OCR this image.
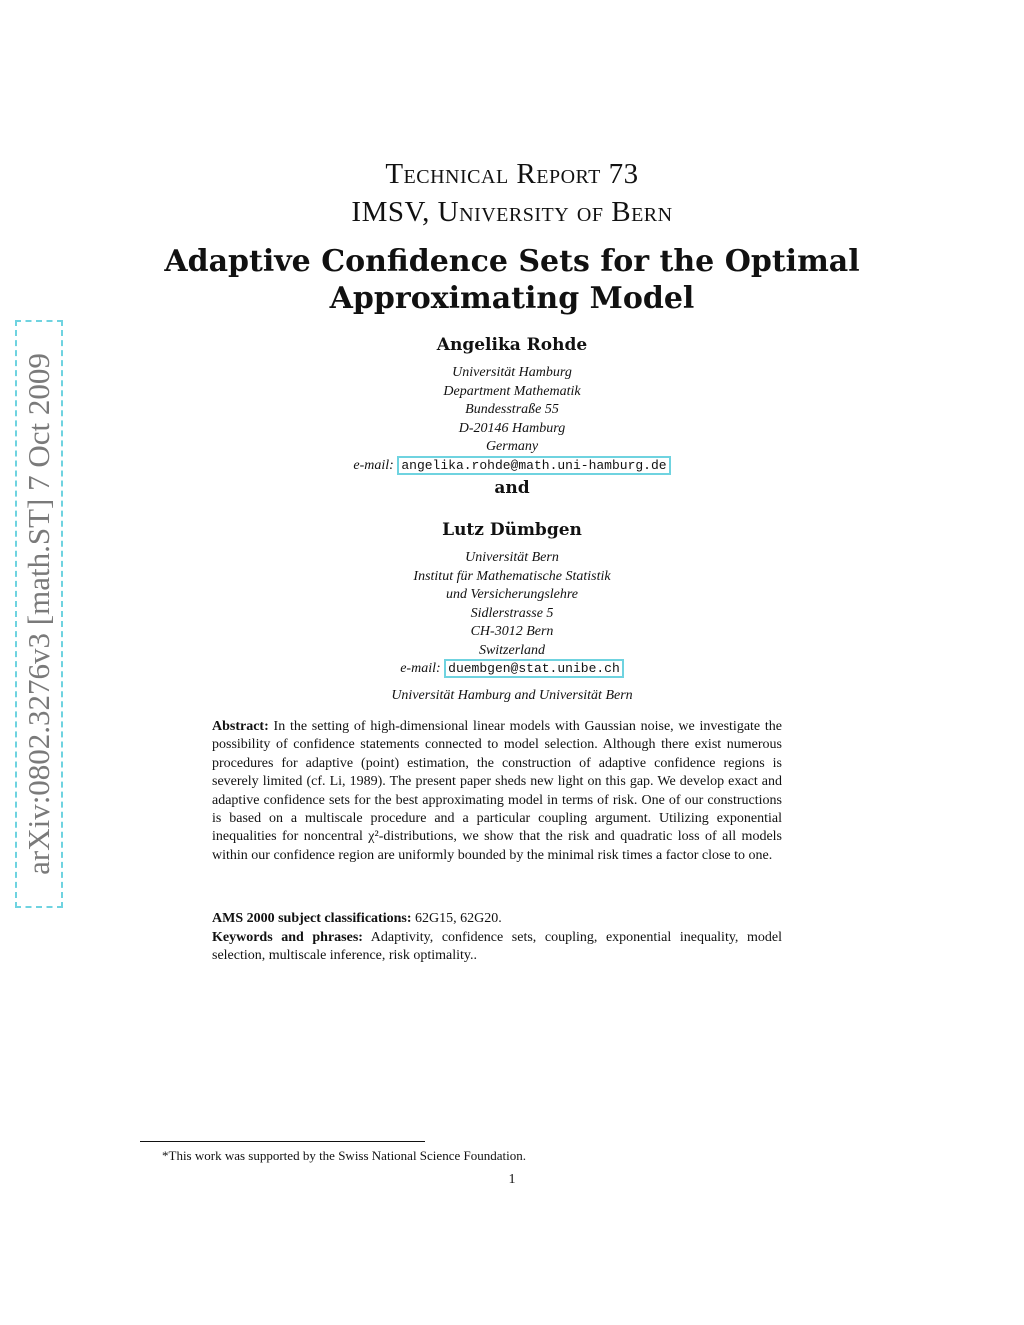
arXiv:0802.3276v3 [math.ST] 7 Oct 2009
Technical Report 73
IMSV, University of Bern
Adaptive Confidence Sets for the Optimal
Approximating Model
Angelika Rohde
Universität Hamburg
Department Mathematik
Bundesstraße 55
D-20146 Hamburg
Germany
e-mail: angelika.rohde@math.uni-hamburg.de
and
Lutz Dümbgen
Universität Bern
Institut für Mathematische Statistik
und Versicherungslehre
Sidlerstrasse 5
CH-3012 Bern
Switzerland
e-mail: duembgen@stat.unibe.ch
Universität Hamburg and Universität Bern
Abstract: In the setting of high-dimensional linear models with Gaussian noise, we investigate the possibility of confidence statements connected to model selection. Although there exist numerous procedures for adaptive (point) estimation, the construction of adaptive confidence regions is severely limited (cf. Li, 1989). The present paper sheds new light on this gap. We develop exact and adaptive confidence sets for the best approximating model in terms of risk. One of our constructions is based on a multiscale procedure and a particular coupling argument. Utilizing exponential inequalities for noncentral χ²-distributions, we show that the risk and quadratic loss of all models within our confidence region are uniformly bounded by the minimal risk times a factor close to one.
AMS 2000 subject classifications: 62G15, 62G20.
Keywords and phrases: Adaptivity, confidence sets, coupling, exponential inequality, model selection, multiscale inference, risk optimality..
*This work was supported by the Swiss National Science Foundation.
1
